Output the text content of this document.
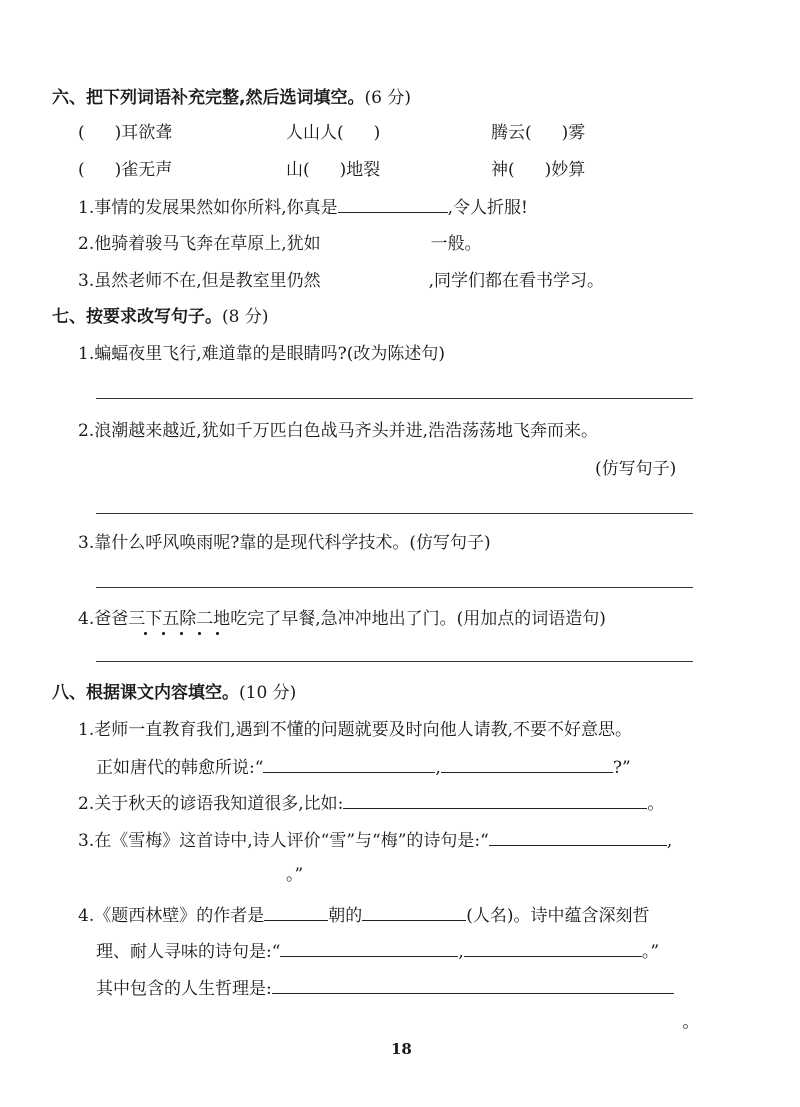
六、把下列词语补充完整,然后选词填空。(6 分)
( )耳欲聋	人山人( )	腾云( )雾
( )雀无声	山( )地裂	神( )妙算
1.事情的发展果然如你所料,你真是	,令人折服!
2.他骑着骏马飞奔在草原上,犹如	一般。
3.虽然老师不在,但是教室里仍然	,同学们都在看书学习。
七、按要求改写句子。(8 分)
1.蝙蝠夜里飞行,难道靠的是眼睛吗?(改为陈述句)
2.浪潮越来越近,犹如千万匹白色战马齐头并进,浩浩荡荡地飞奔而来。
(仿写句子)
3.靠什么呼风唤雨呢?靠的是现代科学技术。(仿写句子)
4.爸爸三下五除二地吃完了早餐,急冲冲地出了门。(用加点的词语造句)
八、根据课文内容填空。(10 分)
1.老师一直教育我们,遇到不懂的问题就要及时向他人请教,不要不好意思。
正如唐代的韩愈所说:“	,	?”
2.关于秋天的谚语我知道很多,比如:	。
3.在《雪梅》这首诗中,诗人评价“雪”与“梅”的诗句是:“	,
。”
4.《题西林壁》的作者是	朝的	(人名)。诗中蕴含深刻哲
理、耐人寻味的诗句是:“	,	。”
其中包含的人生哲理是:
18
